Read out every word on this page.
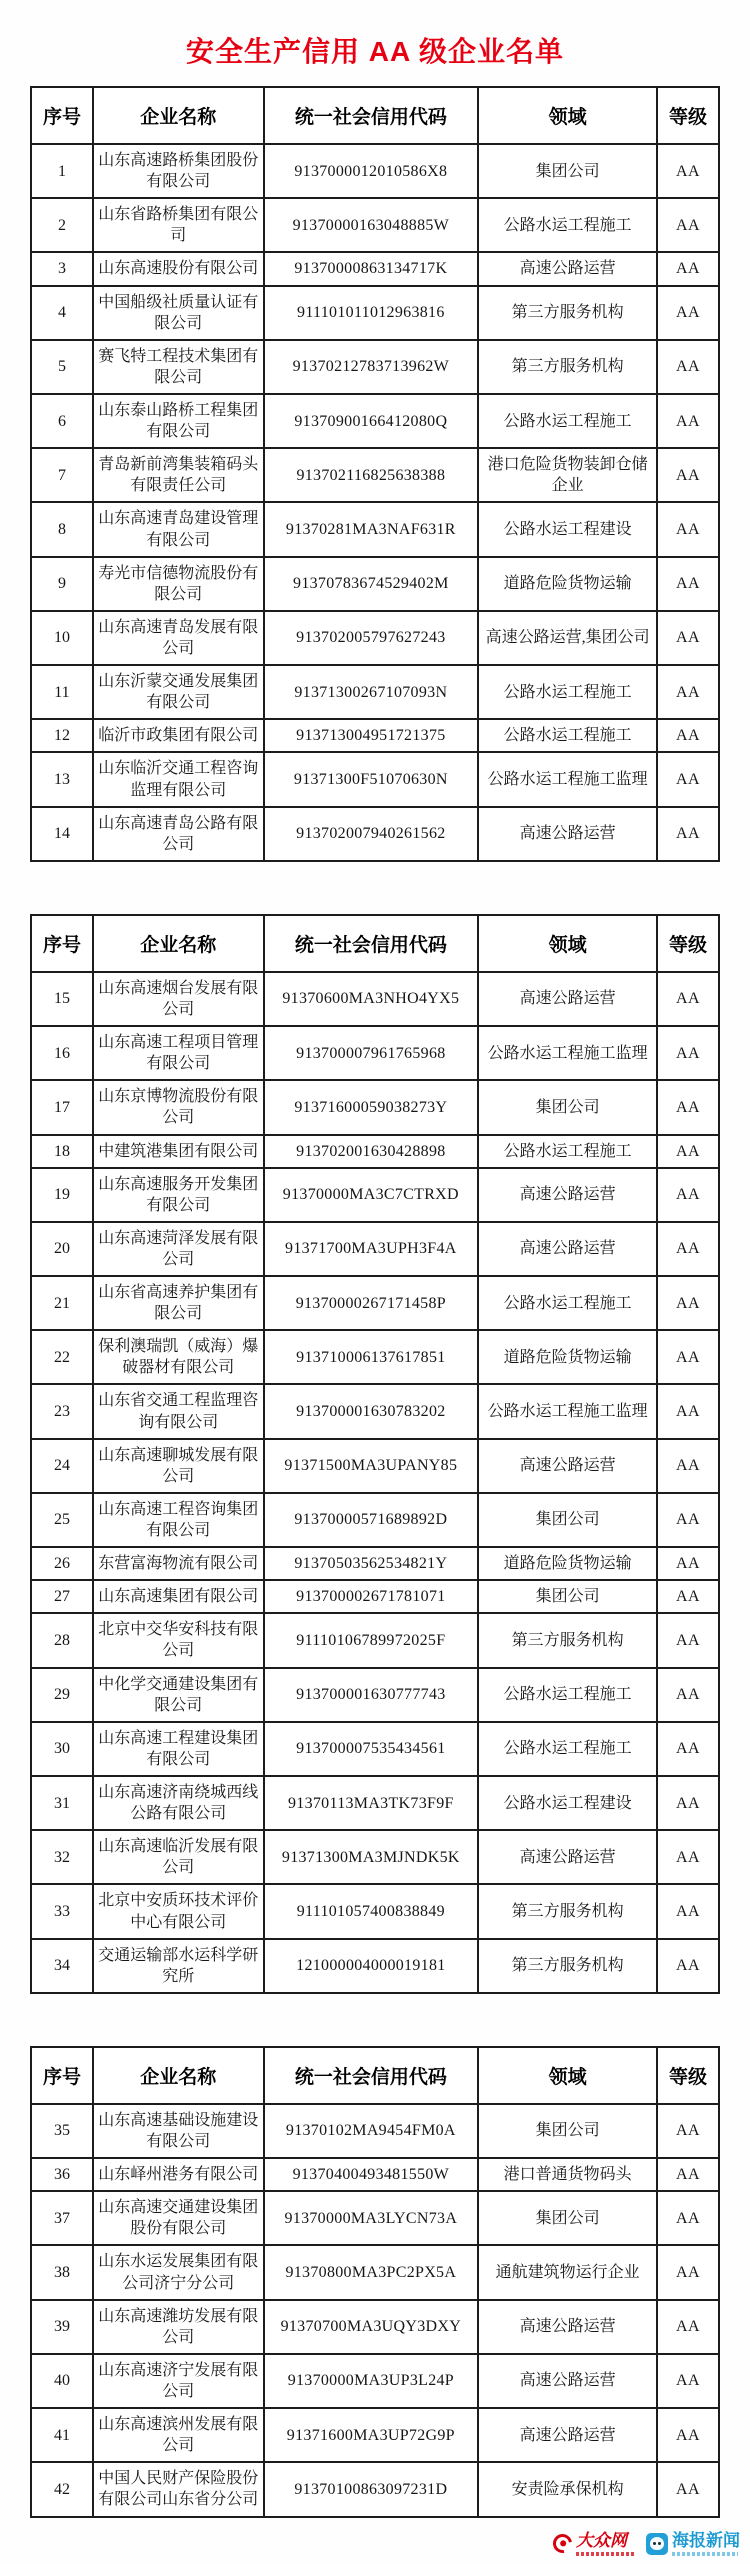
安全生产信用 AA 级企业名单
序号	企业名称	统一社会信用代码	领域	等级
1	山东高速路桥集团股份有限公司	9137000012010586X8	集团公司	AA
2	山东省路桥集团有限公司	91370000163048885W	公路水运工程施工	AA
3	山东高速股份有限公司	91370000863134717K	高速公路运营	AA
4	中国船级社质量认证有限公司	911101011012963816	第三方服务机构	AA
5	赛飞特工程技术集团有限公司	91370212783713962W	第三方服务机构	AA
6	山东泰山路桥工程集团有限公司	91370900166412080Q	公路水运工程施工	AA
7	青岛新前湾集装箱码头有限责任公司	913702116825638388	港口危险货物装卸仓储企业	AA
8	山东高速青岛建设管理有限公司	91370281MA3NAF631R	公路水运工程建设	AA
9	寿光市信德物流股份有限公司	91370783674529402M	道路危险货物运输	AA
10	山东高速青岛发展有限公司	913702005797627243	高速公路运营,集团公司	AA
11	山东沂蒙交通发展集团有限公司	91371300267107093N	公路水运工程施工	AA
12	临沂市政集团有限公司	913713004951721375	公路水运工程施工	AA
13	山东临沂交通工程咨询监理有限公司	91371300F51070630N	公路水运工程施工监理	AA
14	山东高速青岛公路有限公司	913702007940261562	高速公路运营	AA
序号	企业名称	统一社会信用代码	领域	等级
15	山东高速烟台发展有限公司	91370600MA3NHO4YX5	高速公路运营	AA
16	山东高速工程项目管理有限公司	913700007961765968	公路水运工程施工监理	AA
17	山东京博物流股份有限公司	91371600059038273Y	集团公司	AA
18	中建筑港集团有限公司	913702001630428898	公路水运工程施工	AA
19	山东高速服务开发集团有限公司	91370000MA3C7CTRXD	高速公路运营	AA
20	山东高速菏泽发展有限公司	91371700MA3UPH3F4A	高速公路运营	AA
21	山东省高速养护集团有限公司	91370000267171458P	公路水运工程施工	AA
22	保利澳瑞凯（威海）爆破器材有限公司	913710006137617851	道路危险货物运输	AA
23	山东省交通工程监理咨询有限公司	913700001630783202	公路水运工程施工监理	AA
24	山东高速聊城发展有限公司	91371500MA3UPANY85	高速公路运营	AA
25	山东高速工程咨询集团有限公司	91370000571689892D	集团公司	AA
26	东营富海物流有限公司	91370503562534821Y	道路危险货物运输	AA
27	山东高速集团有限公司	913700002671781071	集团公司	AA
28	北京中交华安科技有限公司	91110106789972025F	第三方服务机构	AA
29	中化学交通建设集团有限公司	913700001630777743	公路水运工程施工	AA
30	山东高速工程建设集团有限公司	913700007535434561	公路水运工程施工	AA
31	山东高速济南绕城西线公路有限公司	91370113MA3TK73F9F	公路水运工程建设	AA
32	山东高速临沂发展有限公司	91371300MA3MJNDK5K	高速公路运营	AA
33	北京中安质环技术评价中心有限公司	911101057400838849	第三方服务机构	AA
34	交通运输部水运科学研究所	121000004000019181	第三方服务机构	AA
序号	企业名称	统一社会信用代码	领域	等级
35	山东高速基础设施建设有限公司	91370102MA9454FM0A	集团公司	AA
36	山东峄州港务有限公司	91370400493481550W	港口普通货物码头	AA
37	山东高速交通建设集团股份有限公司	91370000MA3LYCN73A	集团公司	AA
38	山东水运发展集团有限公司济宁分公司	91370800MA3PC2PX5A	通航建筑物运行企业	AA
39	山东高速潍坊发展有限公司	91370700MA3UQY3DXY	高速公路运营	AA
40	山东高速济宁发展有限公司	91370000MA3UP3L24P	高速公路运营	AA
41	山东高速滨州发展有限公司	91371600MA3UP72G9P	高速公路运营	AA
42	中国人民财产保险股份有限公司山东省分公司	91370100863097231D	安责险承保机构	AA
大众网	海报新闻
